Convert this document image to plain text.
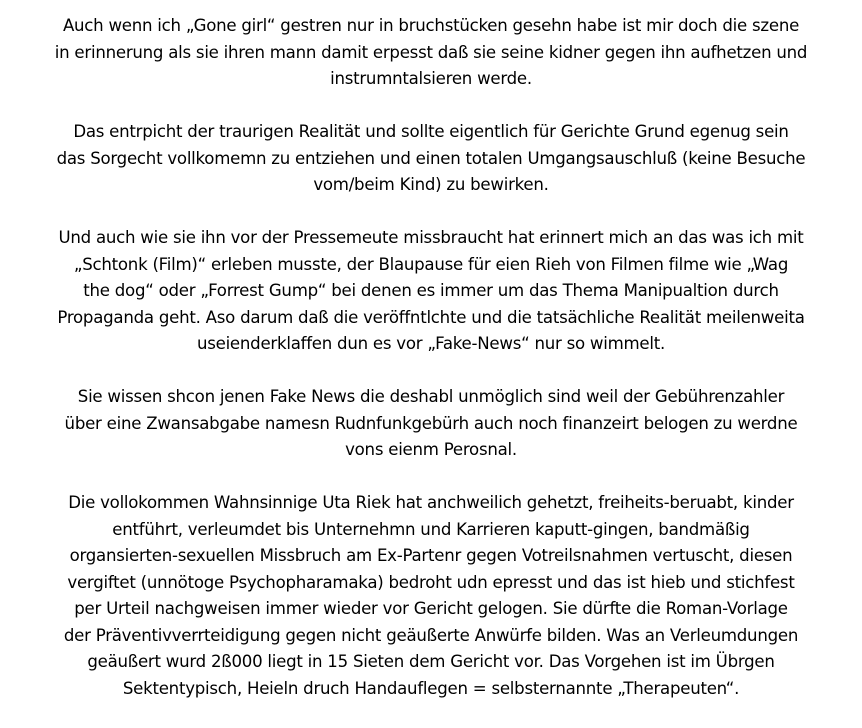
Auch wenn ich „Gone girl“ gestren nur in bruchstücken gesehn habe ist mir doch die szene
in erinnerung als sie ihren mann damit erpesst daß sie seine kidner gegen ihn aufhetzen und
instrumntalsieren werde.
Das entrpicht der traurigen Realität und sollte eigentlich für Gerichte Grund egenug sein
das Sorgecht vollkomemn zu entziehen und einen totalen Umgangsauschluß (keine Besuche
vom/beim Kind) zu bewirken.
Und auch wie sie ihn vor der Pressemeute missbraucht hat erinnert mich an das was ich mit
„Schtonk (Film)“ erleben musste, der Blaupause für eien Rieh von Filmen filme wie „Wag
the dog“ oder „Forrest Gump“ bei denen es immer um das Thema Manipualtion durch
Propaganda geht. Aso darum daß die veröffntlchte und die tatsächliche Realität meilenweita
useienderklaffen dun es vor „Fake-News“ nur so wimmelt.
Sie wissen shcon jenen Fake News die deshabl unmöglich sind weil der Gebührenzahler
über eine Zwansabgabe namesn Rudnfunkgebürh auch noch finanzeirt belogen zu werdne
vons eienm Perosnal.
Die vollokommen Wahnsinnige Uta Riek hat anchweilich gehetzt, freiheits-beruabt, kinder
entführt, verleumdet bis Unternehmn und Karrieren kaputt-gingen, bandmäßig
organsierten-sexuellen Missbruch am Ex-Partenr gegen Votreilsnahmen vertuscht, diesen
vergiftet (unnötoge Psychopharamaka) bedroht udn epresst und das ist hieb und stichfest
per Urteil nachgweisen immer wieder vor Gericht gelogen. Sie dürfte die Roman-Vorlage
der Präventivverrteidigung gegen nicht geäußerte Anwürfe bilden. Was an Verleumdungen
geäußert wurd 2ß000 liegt in 15 Sieten dem Gericht vor. Das Vorgehen ist im Übrgen
Sektentypisch, Heieln druch Handauflegen = selbsternannte „Therapeuten“.
